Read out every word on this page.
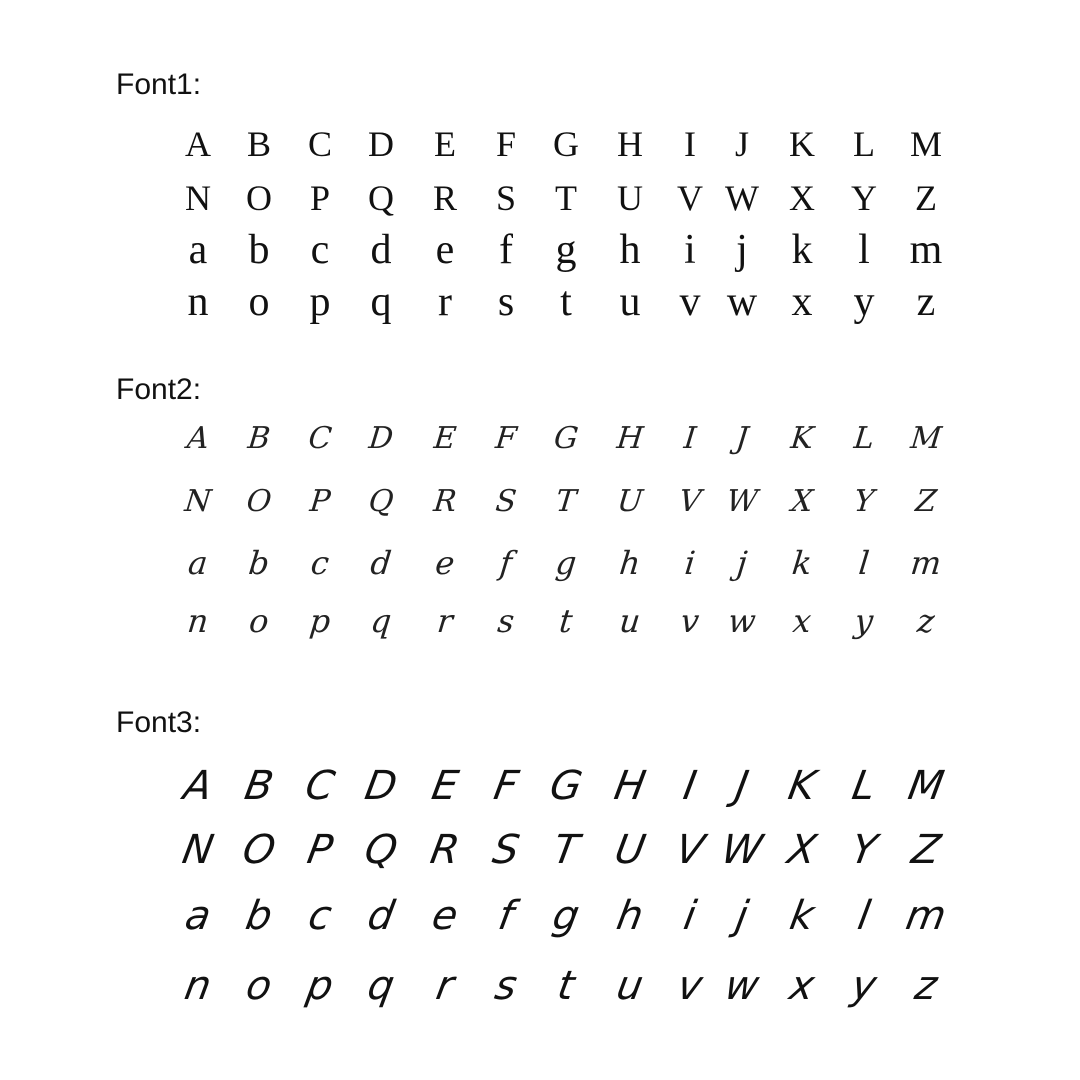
Font1:
A B	C	D	E	F	G	H	I	J	K	L M
N O	P	Q	R	S	T	U V W X	Y	Z
a b c d	e	f	g	h	i j	k	l m
n o p q	r	s	t	u v w x y	z
Font2:
A	B	C	D	E	F	G	H	I	J	K	L	M
N	O	P	Q	R	S	T	U	V W	X	Y	Z
a	b	c	d	e	f	g	h	i	j	k	l	m
n	o	p	q	r	s	t	u	v w	x	y	z
Font3:
A B C D E F G H I J K L M
N O P Q R S T U V W X Y Z
a b c d e f g h i j k l m
n o p q r s t u v w x y z
